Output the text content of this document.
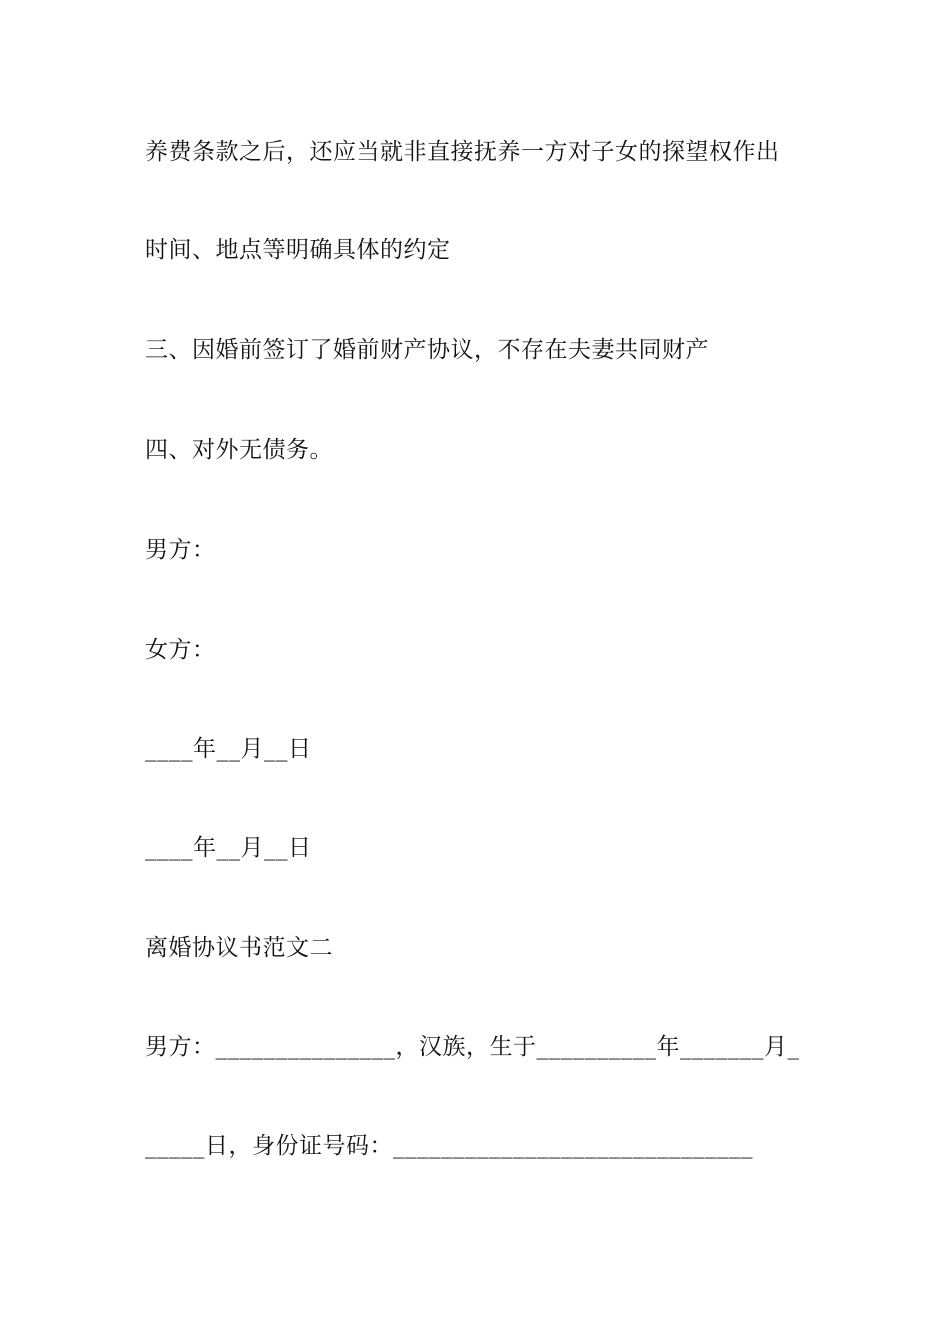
养费条款之后，还应当就非直接抚养一方对子女的探望权作出
时间、地点等明确具体的约定
三、因婚前签订了婚前财产协议，不存在夫妻共同财产
四、对外无债务。
男方：
女方：
____年__月__日
____年__月__日
离婚协议书范文二
男方：_______________，汉族，生于__________年_______月_
_____日，身份证号码：______________________________
